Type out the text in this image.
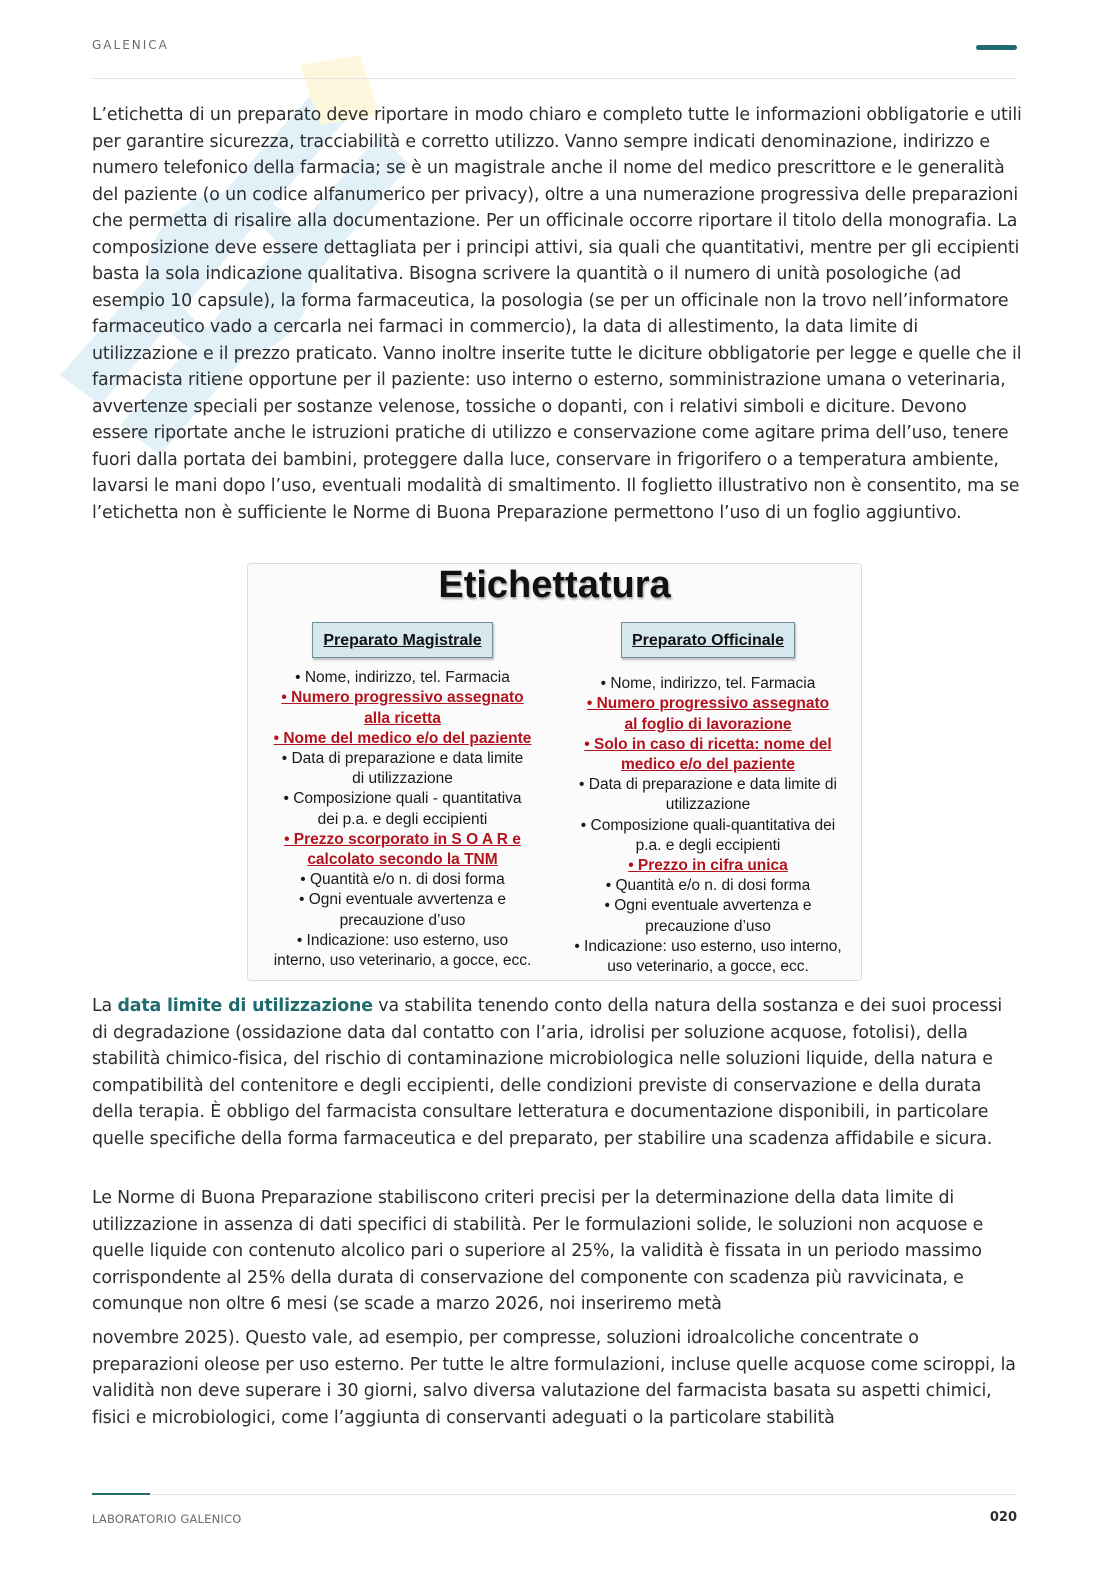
GALENICA

L’etichetta di un preparato deve riportare in modo chiaro e completo tutte le informazioni obbligatorie e utili per garantire sicurezza, tracciabilità e corretto utilizzo. Vanno sempre indicati denominazione, indirizzo e numero telefonico della farmacia; se è un magistrale anche il nome del medico prescrittore e le generalità del paziente (o un codice alfanumerico per privacy), oltre a una numerazione progressiva delle preparazioni che permetta di risalire alla documentazione. Per un officinale occorre riportare il titolo della monografia. La composizione deve essere dettagliata per i principi attivi, sia quali che quantitativi, mentre per gli eccipienti basta la sola indicazione qualitativa. Bisogna scrivere la quantità o il numero di unità posologiche (ad esempio 10 capsule), la forma farmaceutica, la posologia (se per un officinale non la trovo nell’informatore farmaceutico vado a cercarla nei farmaci in commercio), la data di allestimento, la data limite di utilizzazione e il prezzo praticato. Vanno inoltre inserite tutte le diciture obbligatorie per legge e quelle che il farmacista ritiene opportune per il paziente: uso interno o esterno, somministrazione umana o veterinaria, avvertenze speciali per sostanze velenose, tossiche o dopanti, con i relativi simboli e diciture. Devono essere riportate anche le istruzioni pratiche di utilizzo e conservazione come agitare prima dell’uso, tenere fuori dalla portata dei bambini, proteggere dalla luce, conservare in frigorifero o a temperatura ambiente, lavarsi le mani dopo l’uso, eventuali modalità di smaltimento. Il foglietto illustrativo non è consentito, ma se l’etichetta non è sufficiente le Norme di Buona Preparazione permettono l’uso di un foglio aggiuntivo.

Etichettatura
Preparato Magistrale
• Nome, indirizzo, tel. Farmacia
• Numero progressivo assegnato
alla ricetta
• Nome del medico e/o del paziente
• Data di preparazione e data limite
di utilizzazione
• Composizione quali - quantitativa
dei p.a. e degli eccipienti
• Prezzo scorporato in S O A R e
calcolato secondo la TNM
• Quantità e/o n. di dosi forma
• Ogni eventuale avvertenza e
precauzione d’uso
• Indicazione: uso esterno, uso
interno, uso veterinario, a gocce, ecc.
Preparato Officinale
• Nome, indirizzo, tel. Farmacia
• Numero progressivo assegnato
al foglio di lavorazione
• Solo in caso di ricetta: nome del
medico e/o del paziente
• Data di preparazione e data limite di
utilizzazione
• Composizione quali-quantitativa dei
p.a. e degli eccipienti
• Prezzo in cifra unica
• Quantità e/o n. di dosi forma
• Ogni eventuale avvertenza e
precauzione d’uso
• Indicazione: uso esterno, uso interno,
uso veterinario, a gocce, ecc.

La data limite di utilizzazione va stabilita tenendo conto della natura della sostanza e dei suoi processi di degradazione (ossidazione data dal contatto con l’aria, idrolisi per soluzione acquose, fotolisi), della stabilità chimico-fisica, del rischio di contaminazione microbiologica nelle soluzioni liquide, della natura e compatibilità del contenitore e degli eccipienti, delle condizioni previste di conservazione e della durata della terapia. È obbligo del farmacista consultare letteratura e documentazione disponibili, in particolare quelle specifiche della forma farmaceutica e del preparato, per stabilire una scadenza affidabile e sicura.

Le Norme di Buona Preparazione stabiliscono criteri precisi per la determinazione della data limite di utilizzazione in assenza di dati specifici di stabilità. Per le formulazioni solide, le soluzioni non acquose e quelle liquide con contenuto alcolico pari o superiore al 25%, la validità è fissata in un periodo massimo corrispondente al 25% della durata di conservazione del componente con scadenza più ravvicinata, e comunque non oltre 6 mesi (se scade a marzo 2026, noi inseriremo metà

novembre 2025). Questo vale, ad esempio, per compresse, soluzioni idroalcoliche concentrate o preparazioni oleose per uso esterno. Per tutte le altre formulazioni, incluse quelle acquose come sciroppi, la validità non deve superare i 30 giorni, salvo diversa valutazione del farmacista basata su aspetti chimici, fisici e microbiologici, come l’aggiunta di conservanti adeguati o la particolare stabilità

LABORATORIO GALENICO	020
